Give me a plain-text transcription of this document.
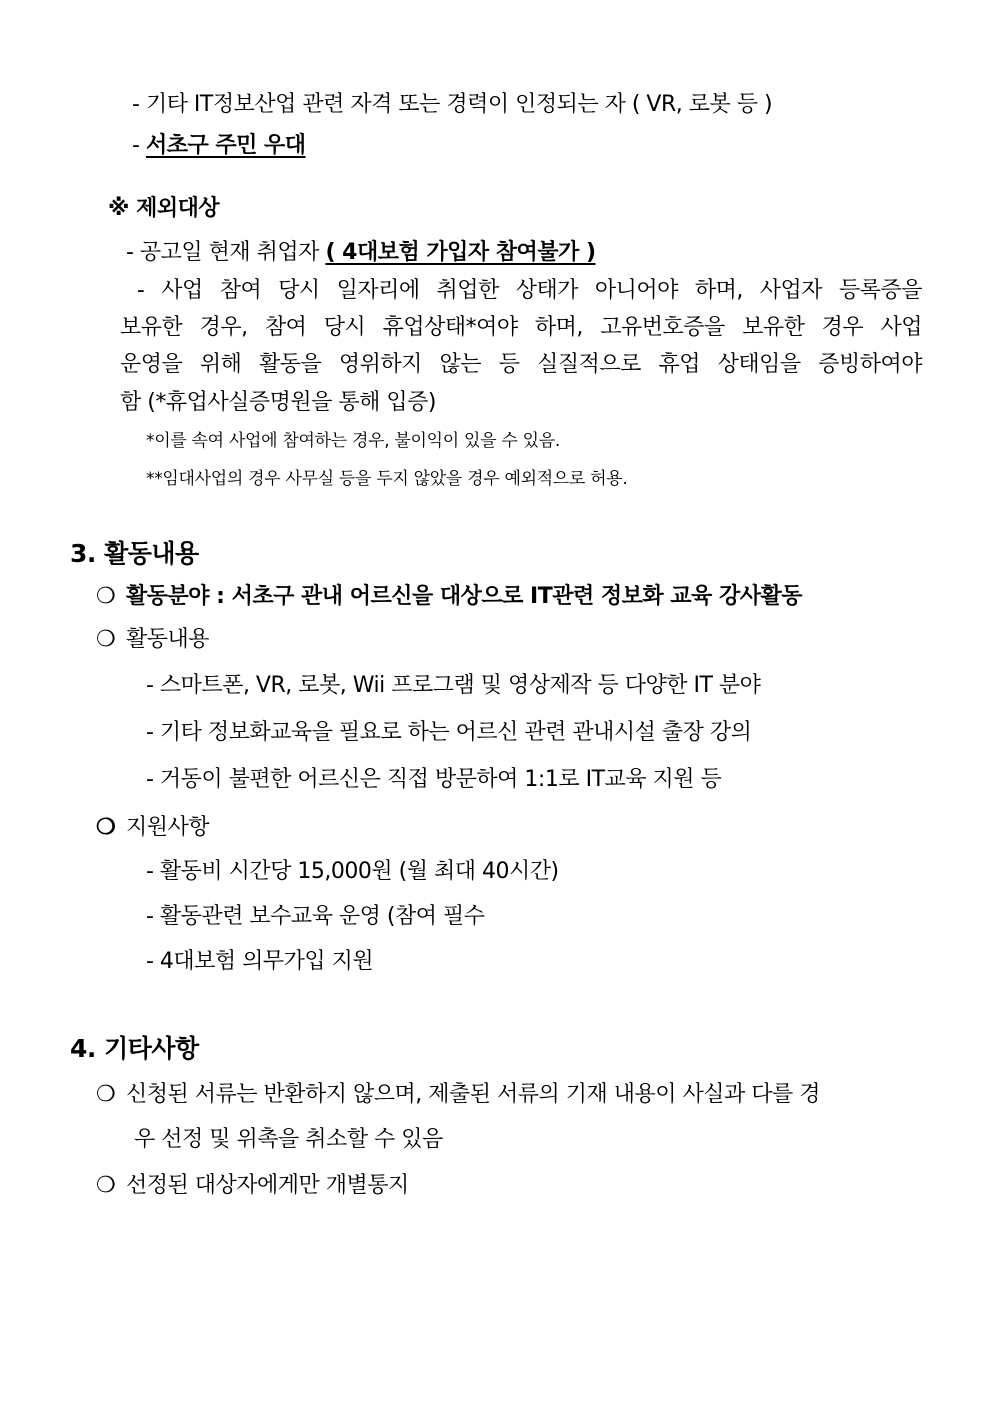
- 기타 IT정보산업 관련 자격 또는 경력이 인정되는 자 ( VR, 로봇 등 )
- 서초구 주민 우대
※ 제외대상
- 공고일 현재 취업자 ( 4대보험 가입자 참여불가 )
- 사업 참여 당시 일자리에 취업한 상태가 아니어야 하며, 사업자 등록증을
보유한 경우, 참여 당시 휴업상태*여야 하며, 고유번호증을 보유한 경우 사업
운영을 위해 활동을 영위하지 않는 등 실질적으로 휴업 상태임을 증빙하여야
함 (*휴업사실증명원을 통해 입증)
*이를 속여 사업에 참여하는 경우, 불이익이 있을 수 있음.
**임대사업의 경우 사무실 등을 두지 않았을 경우 예외적으로 허용.
3. 활동내용
❍ 활동분야 : 서초구 관내 어르신을 대상으로 IT관련 정보화 교육 강사활동
❍ 활동내용
- 스마트폰, VR, 로봇, Wii 프로그램 및 영상제작 등 다양한 IT 분야
- 기타 정보화교육을 필요로 하는 어르신 관련 관내시설 출장 강의
- 거동이 불편한 어르신은 직접 방문하여 1:1로 IT교육 지원 등
❍ 지원사항
- 활동비 시간당 15,000원 (월 최대 40시간)
- 활동관련 보수교육 운영 (참여 필수
- 4대보험 의무가입 지원
4. 기타사항
❍ 신청된 서류는 반환하지 않으며, 제출된 서류의 기재 내용이 사실과 다를 경
우 선정 및 위촉을 취소할 수 있음
❍ 선정된 대상자에게만 개별통지
